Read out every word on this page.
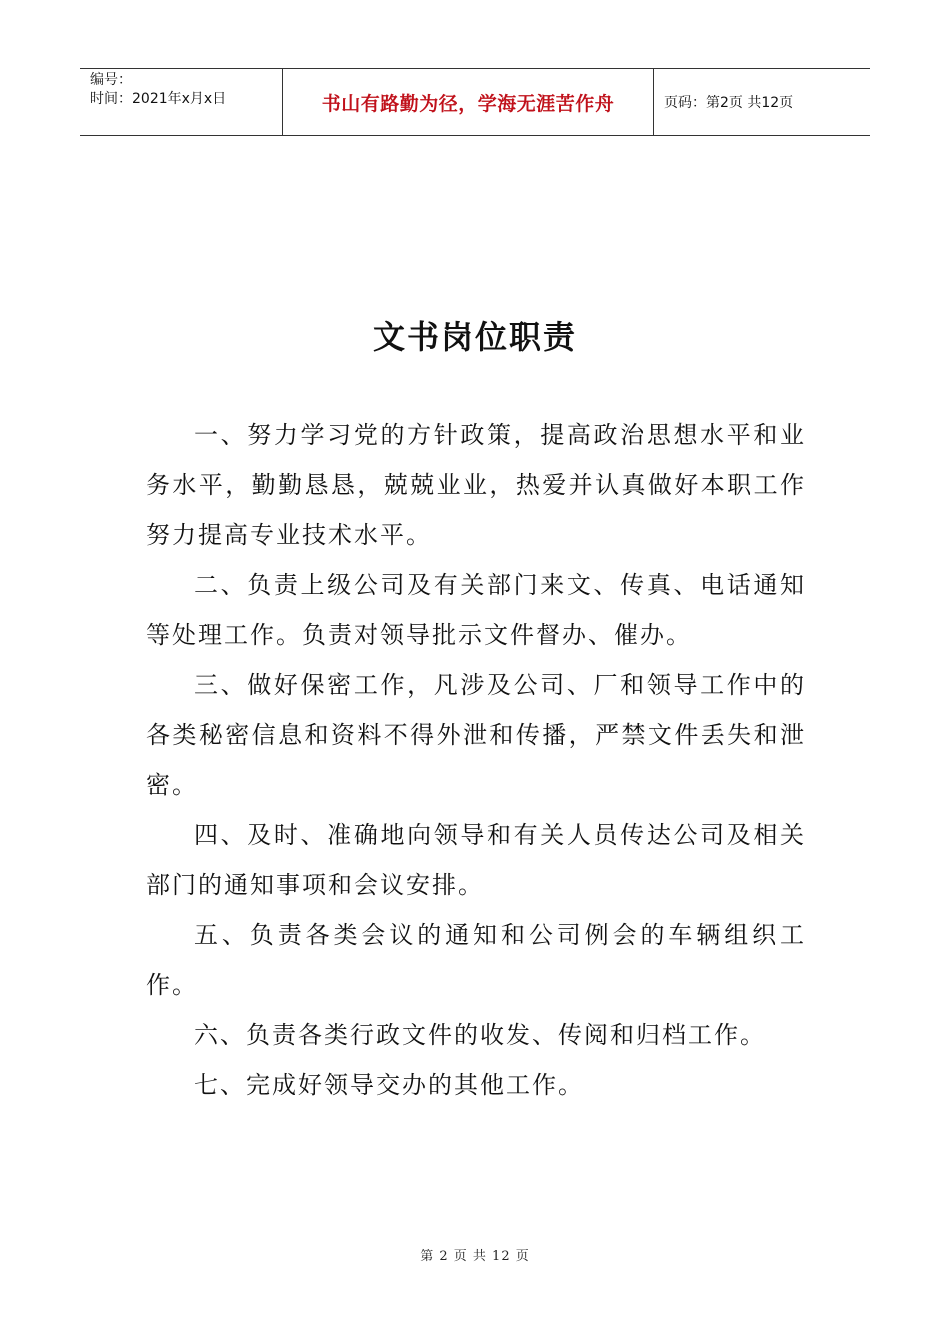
编号：
时间：2021年x月x日	书山有路勤为径，学海无涯苦作舟	页码：第2页 共12页
文书岗位职责

一、努力学习党的方针政策，提高政治思想水平和业务水平，勤勤恳恳，兢兢业业，热爱并认真做好本职工作努力提高专业技术水平。

二、负责上级公司及有关部门来文、传真、电话通知等处理工作。负责对领导批示文件督办、催办。

三、做好保密工作，凡涉及公司、厂和领导工作中的各类秘密信息和资料不得外泄和传播，严禁文件丢失和泄密。

四、及时、准确地向领导和有关人员传达公司及相关部门的通知事项和会议安排。

五、负责各类会议的通知和公司例会的车辆组织工作。

六、负责各类行政文件的收发、传阅和归档工作。

七、完成好领导交办的其他工作。

第 2 页 共 12 页
